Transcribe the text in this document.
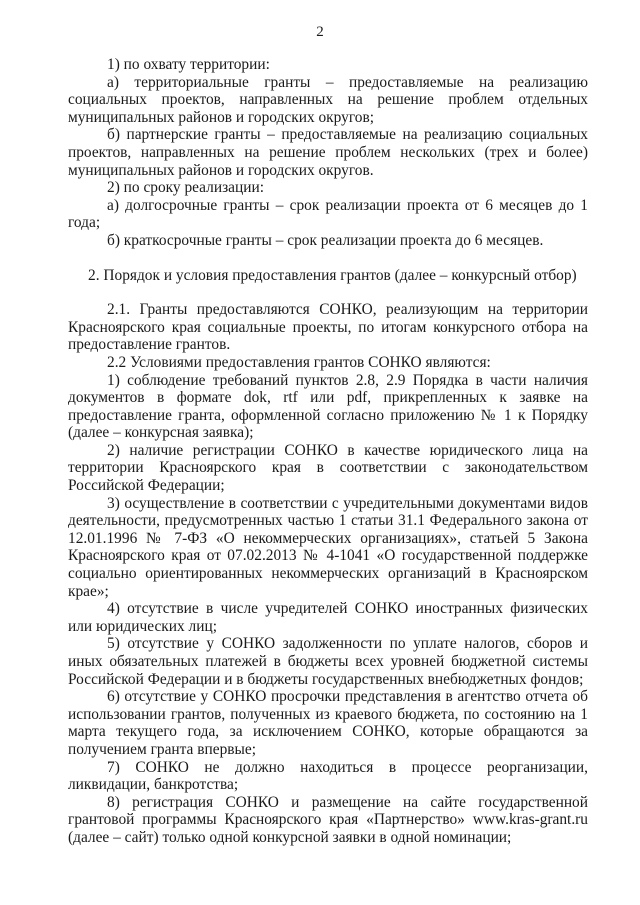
2

1) по охвату территории:

а) территориальные гранты – предоставляемые на реализацию социальных проектов, направленных на решение проблем отдельных муниципальных районов и городских округов;

б) партнерские гранты – предоставляемые на реализацию социальных проектов, направленных на решение проблем нескольких (трех и более) муниципальных районов и городских округов.

2) по сроку реализации:

а) долгосрочные гранты – срок реализации проекта от 6 месяцев до 1 года;

б) краткосрочные гранты – срок реализации проекта до 6 месяцев.

2. Порядок и условия предоставления грантов (далее – конкурсный отбор)

2.1. Гранты предоставляются СОНКО, реализующим на территории Красноярского края социальные проекты, по итогам конкурсного отбора на предоставление грантов.

2.2 Условиями предоставления грантов СОНКО являются:

1) соблюдение требований пунктов 2.8, 2.9 Порядка в части наличия документов в формате dok, rtf или pdf, прикрепленных к заявке на предоставление гранта, оформленной согласно приложению № 1 к Порядку (далее – конкурсная заявка);

2) наличие регистрации СОНКО в качестве юридического лица на территории Красноярского края в соответствии с законодательством Российской Федерации;

3) осуществление в соответствии с учредительными документами видов деятельности, предусмотренных частью 1 статьи 31.1 Федерального закона от 12.01.1996 № 7-ФЗ «О некоммерческих организациях», статьей 5 Закона Красноярского края от 07.02.2013 № 4-1041 «О государственной поддержке социально ориентированных некоммерческих организаций в Красноярском крае»;

4) отсутствие в числе учредителей СОНКО иностранных физических или юридических лиц;

5) отсутствие у СОНКО задолженности по уплате налогов, сборов и иных обязательных платежей в бюджеты всех уровней бюджетной системы Российской Федерации и в бюджеты государственных внебюджетных фондов;

6) отсутствие у СОНКО просрочки представления в агентство отчета об использовании грантов, полученных из краевого бюджета, по состоянию на 1 марта текущего года, за исключением СОНКО, которые обращаются за получением гранта впервые;

7) СОНКО не должно находиться в процессе реорганизации, ликвидации, банкротства;

8) регистрация СОНКО и размещение на сайте государственной грантовой программы Красноярского края «Партнерство» www.kras-grant.ru (далее – сайт) только одной конкурсной заявки в одной номинации;
